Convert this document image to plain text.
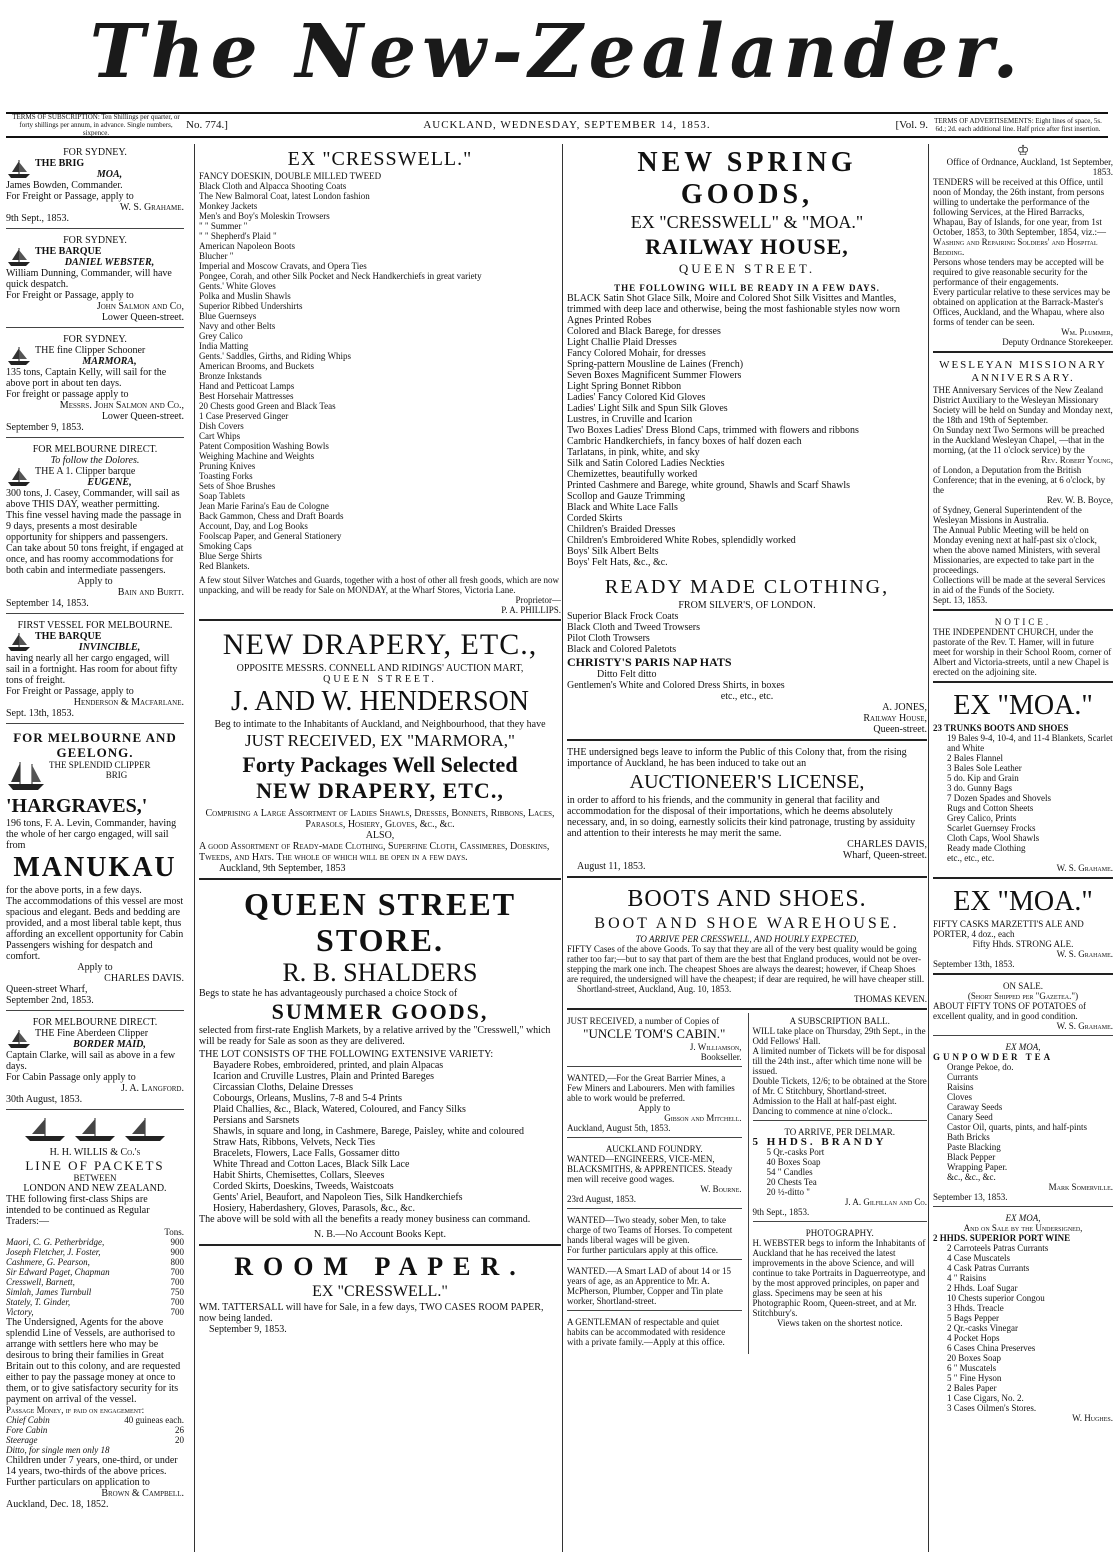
The New-Zealander.
TERMS OF SUBSCRIPTION: Ten Shillings per quarter, or forty shillings per annum, in advance. Single numbers, sixpence.
No. 774.]	AUCKLAND, WEDNESDAY, SEPTEMBER 14, 1853.	[Vol. 9. TERMS OF ADVERTISEMENTS: Eight lines of space, 5s. 6d.; 2d. each additional line. Half price after first insertion.
FOR SYDNEY.
THE BRIG
MOA,
James Bowden, Commander.
For Freight or Passage, apply to
W. S. Grahame.
9th Sept., 1853.
FOR SYDNEY.
THE BARQUE
DANIEL WEBSTER,
William Dunning, Commander, will have quick despatch.
For Freight or Passage, apply to
John Salmon and Co,
Lower Queen-street.
FOR SYDNEY.
THE fine Clipper Schooner
MARMORA,
135 tons, Captain Kelly, will sail for the above port in about ten days.
For freight or passage apply to
Messrs. John Salmon and Co.,
Lower Queen-street.
September 9, 1853.
FOR MELBOURNE DIRECT.
To follow the Dolores.
THE A 1. Clipper barque
EUGENE,
300 tons, J. Casey, Commander, will sail as above THIS DAY, weather permitting.
This fine vessel having made the passage in 9 days, presents a most desirable opportunity for shippers and passengers. Can take about 50 tons freight, if engaged at once, and has roomy accommodations for both cabin and intermediate passengers.
Apply to
Bain and Burtt.
September 14, 1853.
FIRST VESSEL FOR MELBOURNE.
THE BARQUE
INVINCIBLE,
having nearly all her cargo engaged, will sail in a fortnight. Has room for about fifty tons of freight.
For Freight or Passage, apply to
Henderson & Macfarlane.
Sept. 13th, 1853.
FOR MELBOURNE AND GEELONG.
THE SPLENDID CLIPPER
BRIG
'HARGRAVES,'
196 tons, F. A. Levin, Commander, having the whole of her cargo engaged, will sail from
MANUKAU
for the above ports, in a few days.
The accommodations of this vessel are most spacious and elegant. Beds and bedding are provided, and a most liberal table kept, thus affording an excellent opportunity for Cabin Passengers wishing for despatch and comfort.
Apply to
CHARLES DAVIS.
Queen-street Wharf,
September 2nd, 1853.
FOR MELBOURNE DIRECT.
THE Fine Aberdeen Clipper
BORDER MAID,
Captain Clarke, will sail as above in a few days.
For Cabin Passage only apply to
J. A. Langford.
30th August, 1853.
H. H. WILLIS & Co.'s
LINE OF PACKETS
BETWEEN
LONDON AND NEW ZEALAND.
THE following first-class Ships are intended to be continued as Regular Traders:—
Tons.
Maori, C. G. Petherbridge,	900
Joseph Fletcher, J. Foster,	900
Cashmere, G. Pearson,	800
Sir Edward Paget, Chapman	700
Cresswell, Barnett,	700
Simlah, James Turnbull	750
Stately, T. Ginder,	700
Victory,	700
The Undersigned, Agents for the above splendid Line of Vessels, are authorised to arrange with settlers here who may be desirous to bring their families in Great Britain out to this colony, and are requested either to pay the passage money at once to them, or to give satisfactory security for its payment on arrival of the vessel.
Passage Money, if paid on engagement:
Chief Cabin	40 guineas each.
Fore Cabin	26
Steerage	20
Ditto, for single men only 18
Children under 7 years, one-third, or under 14 years, two-thirds of the above prices.
Further particulars on application to
Brown & Campbell.
Auckland, Dec. 18, 1852.
EX "CRESSWELL."
FANCY DOESKIN, DOUBLE MILLED TWEED
Black Cloth and Alpacca Shooting Coats
The New Balmoral Coat, latest London fashion
Monkey Jackets
Men's and Boy's Moleskin Trowsers
" " Summer "
" " Shepherd's Plaid "
American Napoleon Boots
Blucher "
Imperial and Moscow Cravats, and Opera Ties
Pongee, Corah, and other Silk Pocket and Neck Handkerchiefs in great variety
Gents.' White Gloves
Polka and Muslin Shawls
Superior Ribbed Undershirts
Blue Guernseys
Navy and other Belts
Grey Calico
India Matting
Gents.' Saddles, Girths, and Riding Whips
American Brooms, and Buckets
Bronze Inkstands
Hand and Petticoat Lamps
Best Horsehair Mattresses
20 Chests good Green and Black Teas
1 Case Preserved Ginger
Dish Covers
Cart Whips
Patent Composition Washing Bowls
Weighing Machine and Weights
Pruning Knives
Toasting Forks
Sets of Shoe Brushes
Soap Tablets
Jean Marie Farina's Eau de Cologne
Back Gammon, Chess and Draft Boards
Account, Day, and Log Books
Foolscap Paper, and General Stationery
Smoking Caps
Blue Serge Shirts
Red Blankets.
A few stout Silver Watches and Guards, together with a host of other all fresh goods, which are now unpacking, and will be ready for Sale on MONDAY, at the Wharf Stores, Victoria Lane.
Proprietor—
P. A. PHILLIPS.
NEW DRAPERY, ETC.,
OPPOSITE MESSRS. CONNELL AND RIDINGS' AUCTION MART,
QUEEN STREET.
J. AND W. HENDERSON
Beg to intimate to the Inhabitants of Auckland, and Neighbourhood, that they have
JUST RECEIVED, EX "MARMORA,"
Forty Packages Well Selected
NEW DRAPERY, ETC.,
Comprising a Large Assortment of Ladies Shawls, Dresses, Bonnets, Ribbons, Laces, Parasols, Hosiery, Gloves, &c., &c.
ALSO,
A good Assortment of Ready-made Clothing, Superfine Cloth, Cassimeres, Doeskins, Tweeds, and Hats. The whole of which will be open in a few days.
Auckland, 9th September, 1853
QUEEN STREET STORE.
R. B. SHALDERS
Begs to state he has advantageously purchased a choice Stock of
SUMMER GOODS,
selected from first-rate English Markets, by a relative arrived by the "Cresswell," which will be ready for Sale as soon as they are delivered.
THE LOT CONSISTS OF THE FOLLOWING EXTENSIVE VARIETY:
Bayadere Robes, embroidered, printed, and plain Alpacas
Icarion and Cruville Lustres, Plain and Printed Bareges
Circassian Cloths, Delaine Dresses
Cobourgs, Orleans, Muslins, 7-8 and 5-4 Prints
Plaid Challies, &c., Black, Watered, Coloured, and Fancy Silks
Persians and Sarsnets
Shawls, in square and long, in Cashmere, Barege, Paisley, white and coloured
Straw Hats, Ribbons, Velvets, Neck Ties
Bracelets, Flowers, Lace Falls, Gossamer ditto
White Thread and Cotton Laces, Black Silk Lace
Habit Shirts, Chemisettes, Collars, Sleeves
Corded Skirts, Doeskins, Tweeds, Waistcoats
Gents' Ariel, Beaufort, and Napoleon Ties, Silk Handkerchiefs
Hosiery, Haberdashery, Gloves, Parasols, &c., &c.
The above will be sold with all the benefits a ready money business can command.
N. B.—No Account Books Kept.
ROOM PAPER.
EX "CRESSWELL."
WM. TATTERSALL will have for Sale, in a few days, TWO CASES ROOM PAPER, now being landed.
September 9, 1853.
NEW SPRING GOODS,
EX "CRESSWELL" & "MOA."
RAILWAY HOUSE,
QUEEN STREET.
THE FOLLOWING WILL BE READY IN A FEW DAYS.
BLACK Satin Shot Glace Silk, Moire and Colored Shot Silk Visittes and Mantles, trimmed with deep lace and otherwise, being the most fashionable styles now worn
Agnes Printed Robes
Colored and Black Barege, for dresses
Light Challie Plaid Dresses
Fancy Colored Mohair, for dresses
Spring-pattern Mousline de Laines (French)
Seven Boxes Magnificent Summer Flowers
Light Spring Bonnet Ribbon
Ladies' Fancy Colored Kid Gloves
Ladies' Light Silk and Spun Silk Gloves
Lustres, in Cruville and Icarion
Two Boxes Ladies' Dress Blond Caps, trimmed with flowers and ribbons
Cambric Handkerchiefs, in fancy boxes of half dozen each
Tarlatans, in pink, white, and sky
Silk and Satin Colored Ladies Neckties
Chemizettes, beautifully worked
Printed Cashmere and Barege, white ground, Shawls and Scarf Shawls
Scollop and Gauze Trimming
Black and White Lace Falls
Corded Skirts
Children's Braided Dresses
Children's Embroidered White Robes, splendidly worked
Boys' Silk Albert Belts
Boys' Felt Hats, &c., &c.
READY MADE CLOTHING,
FROM SILVER'S, OF LONDON.
Superior Black Frock Coats
Black Cloth and Tweed Trowsers
Pilot Cloth Trowsers
Black and Colored Paletots
CHRISTY'S PARIS NAP HATS
Ditto Felt ditto
Gentlemen's White and Colored Dress Shirts, in boxes
etc., etc., etc.
A. JONES,
Railway House,
Queen-street.
THE undersigned begs leave to inform the Public of this Colony that, from the rising importance of Auckland, he has been induced to take out an
AUCTIONEER'S LICENSE,
in order to afford to his friends, and the community in general that facility and accommodation for the disposal of their importations, which he deems absolutely necessary, and, in so doing, earnestly solicits their kind patronage, trusting by assiduity and attention to their interests he may merit the same.
CHARLES DAVIS,
Wharf, Queen-street.
August 11, 1853.
BOOTS AND SHOES.
BOOT AND SHOE WAREHOUSE.
TO ARRIVE PER CRESSWELL, AND HOURLY EXPECTED,
FIFTY Cases of the above Goods. To say that they are all of the very best quality would be going rather too far;—but to say that part of them are the best that England produces, would not be over-stepping the mark one inch. The cheapest Shoes are always the dearest; however, if Cheap Shoes are required, the undersigned will have the cheapest; if dear are required, he will have cheaper still.
Shortland-street, Auckland, Aug. 10, 1853.
THOMAS KEVEN.
JUST RECEIVED, a number of Copies of
"UNCLE TOM'S CABIN."
J. Williamson,
Bookseller.
WANTED,—For the Great Barrier Mines, a Few Miners and Labourers. Men with families able to work would be preferred.
Apply to
Gibson and Mitchell.
Auckland, August 5th, 1853.
AUCKLAND FOUNDRY.
WANTED—ENGINEERS, VICE-MEN, BLACKSMITHS, & APPRENTICES. Steady men will receive good wages.
W. Bourne.
23rd August, 1853.
WANTED—Two steady, sober Men, to take charge of two Teams of Horses. To competent hands liberal wages will be given.
For further particulars apply at this office.
WANTED.—A Smart LAD of about 14 or 15 years of age, as an Apprentice to Mr. A. McPherson, Plumber, Copper and Tin plate worker, Shortland-street.
A GENTLEMAN of respectable and quiet habits can be accommodated with residence with a private family.—Apply at this office.
A SUBSCRIPTION BALL.
WILL take place on Thursday, 29th Sept., in the Odd Fellows' Hall.
A limited number of Tickets will be for disposal till the 24th inst., after which time none will be issued.
Double Tickets, 12/6; to be obtained at the Store of Mr. C Stitchbury, Shortland-street.
Admission to the Hall at half-past eight. Dancing to commence at nine o'clock..
TO ARRIVE, PER DELMAR.
5 HHDS. BRANDY
5 Qr.-casks Port
40 Boxes Soap
54 " Candles
20 Chests Tea
20 ½-ditto "
J. A. Gilfillan and Co.
9th Sept., 1853.
PHOTOGRAPHY.
H. WEBSTER begs to inform the Inhabitants of Auckland that he has received the latest improvements in the above Science, and will continue to take Portraits in Daguerreotype, and by the most approved principles, on paper and glass. Specimens may be seen at his Photographic Room, Queen-street, and at Mr. Stitchbury's.
Views taken on the shortest notice.
♔
Office of Ordnance, Auckland, 1st September, 1853.
TENDERS will be received at this Office, until noon of Monday, the 26th instant, from persons willing to undertake the performance of the following Services, at the Hired Barracks, Whapau, Bay of Islands, for one year, from 1st October, 1853, to 30th September, 1854, viz.:—
Washing and Repairing Soldiers' and Hospital Bedding.
Persons whose tenders may be accepted will be required to give reasonable security for the performance of their engagements.
Every particular relative to these services may be obtained on application at the Barrack-Master's Offices, Auckland, and the Whapau, where also forms of tender can be seen.
Wm. Plummer,
Deputy Ordnance Storekeeper.
WESLEYAN MISSIONARY ANNIVERSARY.
THE Anniversary Services of the New Zealand District Auxiliary to the Wesleyan Missionary Society will be held on Sunday and Monday next, the 18th and 19th of September.
On Sunday next Two Sermons will be preached in the Auckland Wesleyan Chapel, —that in the morning, (at the 11 o'clock service) by the
Rev. Robert Young,
of London, a Deputation from the British Conference; that in the evening, at 6 o'clock, by the
Rev. W. B. Boyce,
of Sydney, General Superintendent of the Wesleyan Missions in Australia.
The Annual Public Meeting will be held on Monday evening next at half-past six o'clock, when the above named Ministers, with several Missionaries, are expected to take part in the proceedings.
Collections will be made at the several Services in aid of the Funds of the Society.
Sept. 13, 1853.
NOTICE.
THE INDEPENDENT CHURCH, under the pastorate of the Rev. T. Hamer, will in future meet for worship in their School Room, corner of Albert and Victoria-streets, until a new Chapel is erected on the adjoining site.
EX "MOA."
23 TRUNKS BOOTS AND SHOES
19 Bales 9-4, 10-4, and 11-4 Blankets, Scarlet and White
2 Bales Flannel
3 Bales Sole Leather
5 do. Kip and Grain
3 do. Gunny Bags
7 Dozen Spades and Shovels
Rugs and Cotton Sheets
Grey Calico, Prints
Scarlet Guernsey Frocks
Cloth Caps, Wool Shawls
Ready made Clothing
etc., etc., etc.
W. S. Grahame.
EX "MOA."
FIFTY CASKS MARZETTI'S ALE AND PORTER, 4 doz., each
Fifty Hhds. STRONG ALE.
W. S. Grahame.
September 13th, 1853.
ON SALE.
(Short Shipped per "Gazetea.")
ABOUT FIFTY TONS OF POTATOES of excellent quality, and in good condition.
W. S. Grahame.
EX MOA,
GUNPOWDER TEA
Orange Pekoe, do.
Currants
Raisins
Cloves
Caraway Seeds
Canary Seed
Castor Oil, quarts, pints, and half-pints
Bath Bricks
Paste Blacking
Black Pepper
Wrapping Paper.
&c., &c., &c.
Mark Somerville.
September 13, 1853.
EX MOA,
And on Sale by the Undersigned,
2 HHDS. SUPERIOR PORT WINE
2 Carroteels Patras Currants
4 Case Muscatels
4 Cask Patras Currants
4 " Raisins
2 Hhds. Loaf Sugar
10 Chests superior Congou
3 Hhds. Treacle
5 Bags Pepper
2 Qr.-casks Vinegar
4 Pocket Hops
6 Cases China Preserves
20 Boxes Soap
6 " Muscatels
5 " Fine Hyson
2 Bales Paper
1 Case Cigars, No. 2.
3 Cases Oilmen's Stores.
W. Hughes.
